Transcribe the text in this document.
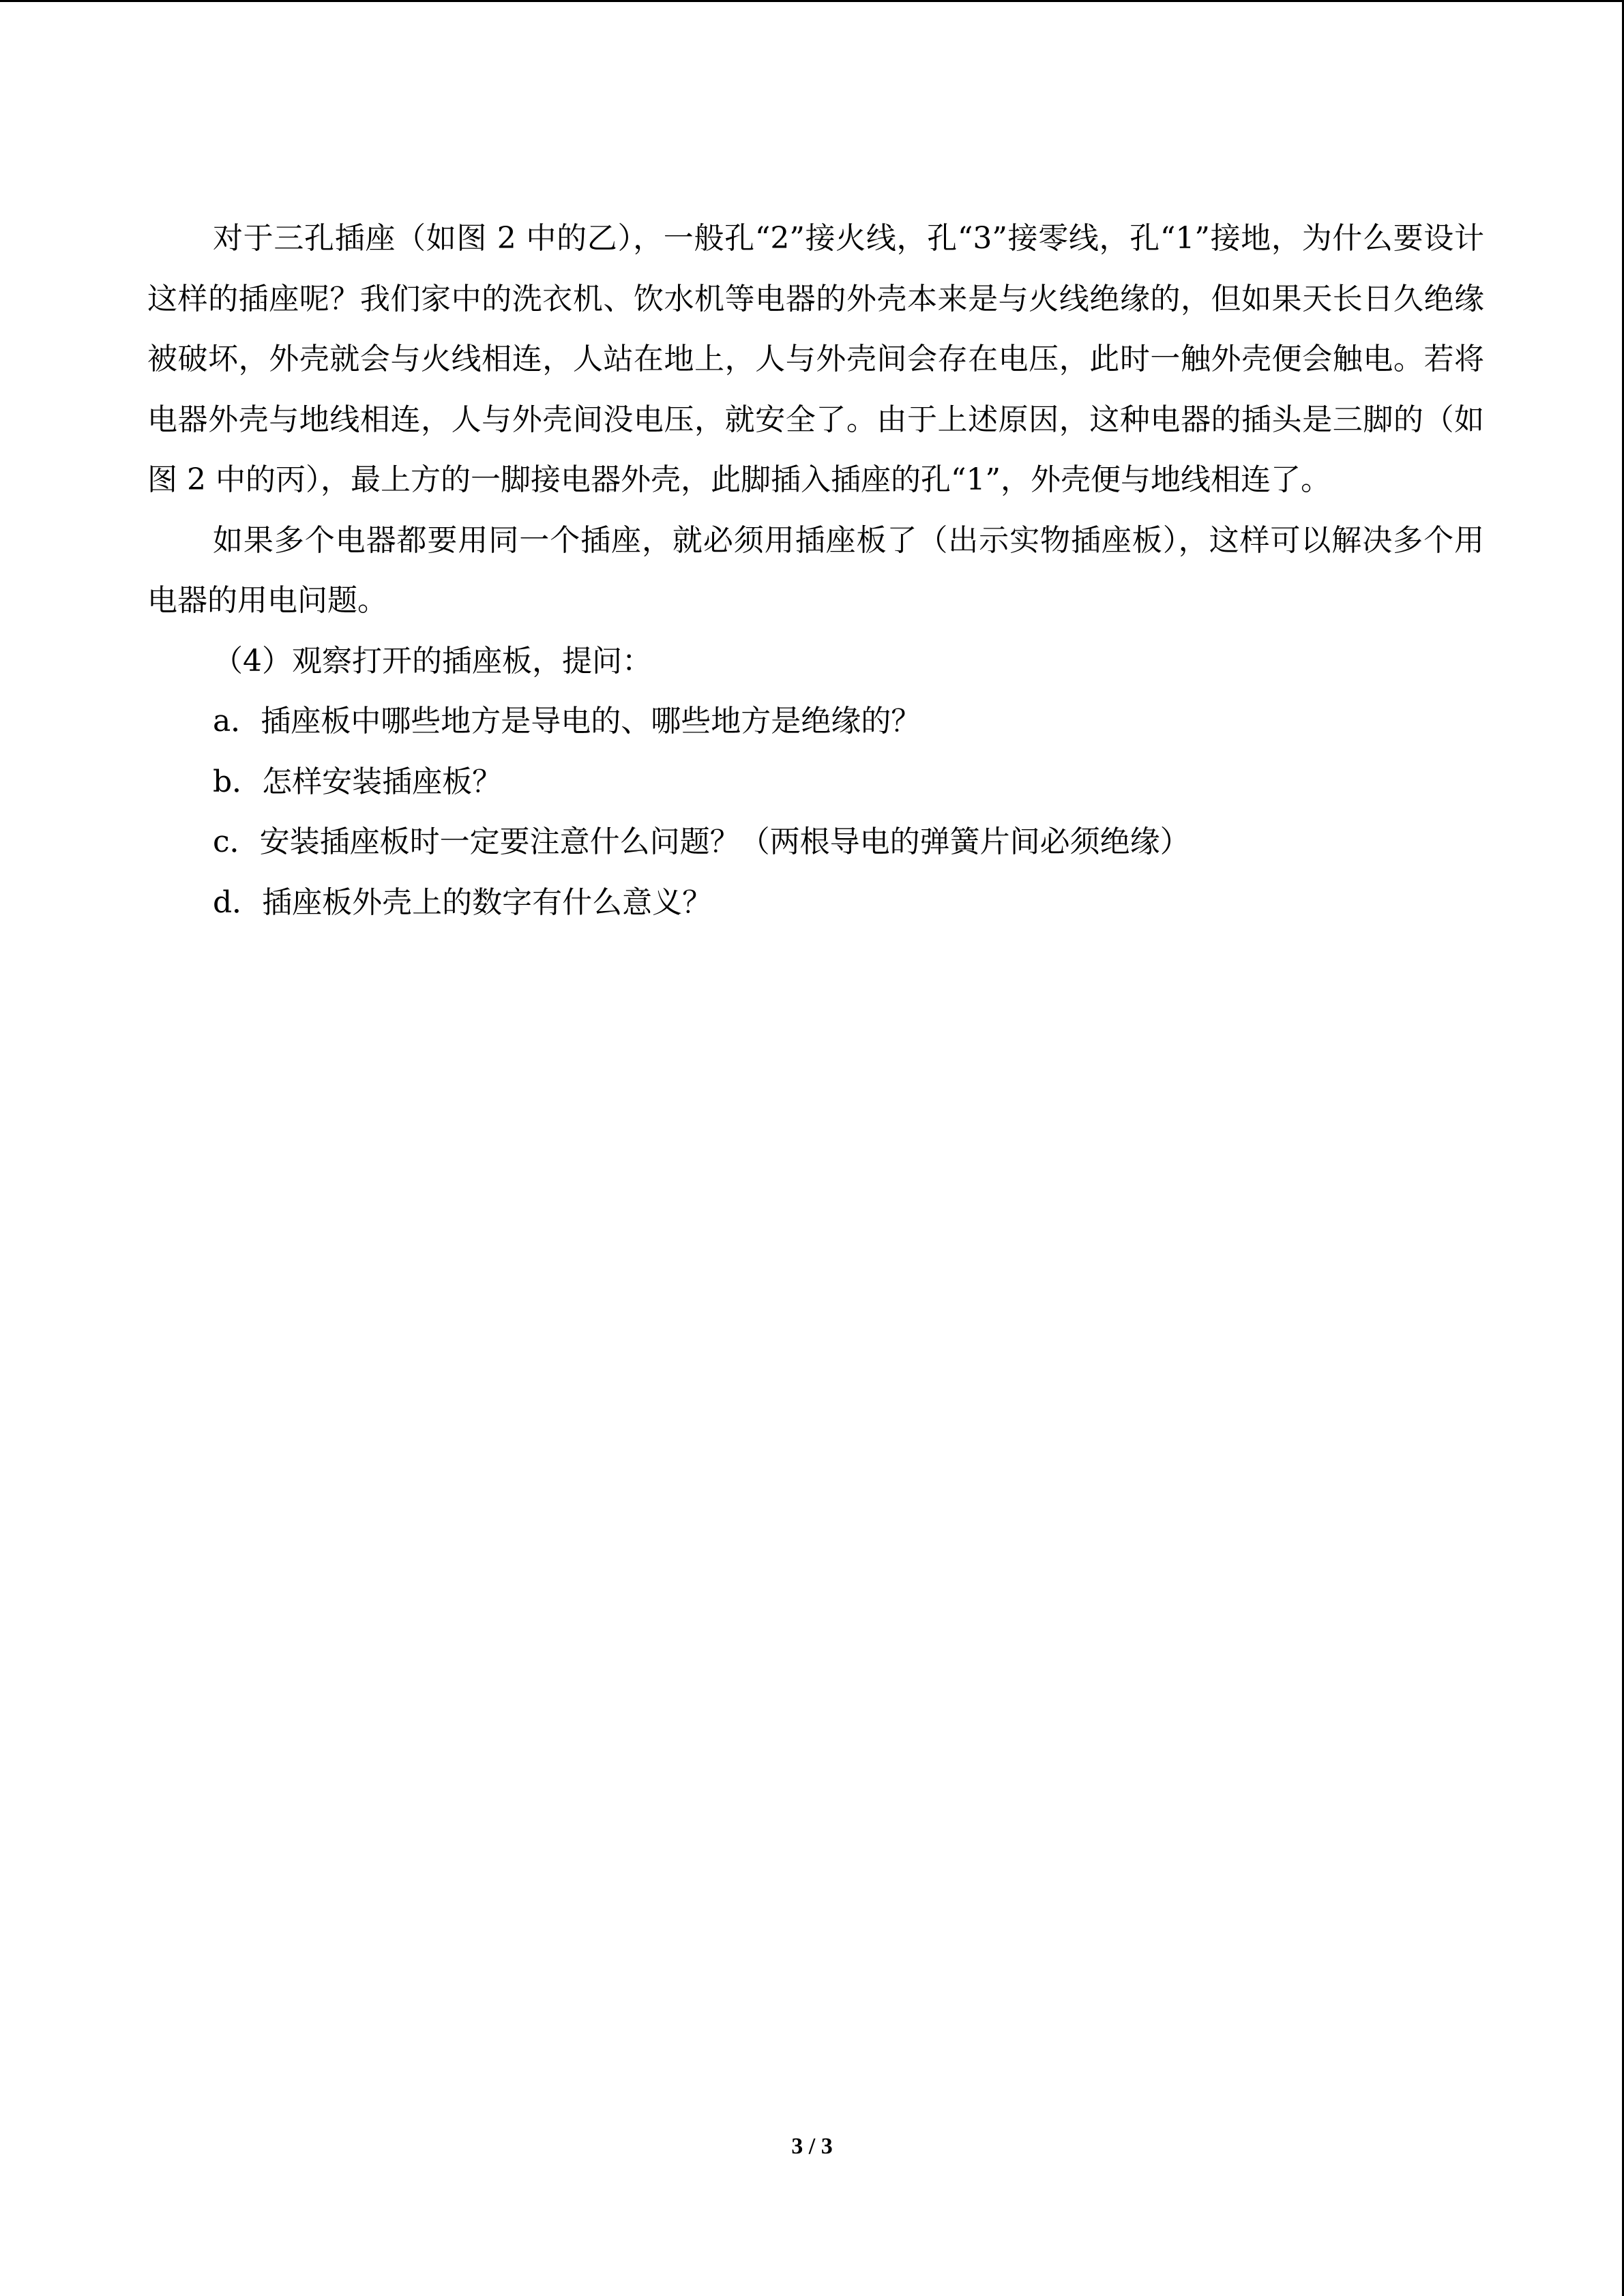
对于三孔插座（如图 2 中的乙），一般孔“2”接火线，孔“3”接零线，孔“1”接地，为什么要设计这样的插座呢？我们家中的洗衣机、饮水机等电器的外壳本来是与火线绝缘的，但如果天长日久绝缘被破坏，外壳就会与火线相连，人站在地上，人与外壳间会存在电压，此时一触外壳便会触电。若将电器外壳与地线相连，人与外壳间没电压，就安全了。由于上述原因，这种电器的插头是三脚的（如图 2 中的丙），最上方的一脚接电器外壳，此脚插入插座的孔“1”，外壳便与地线相连了。

如果多个电器都要用同一个插座，就必须用插座板了（出示实物插座板），这样可以解决多个用电器的用电问题。

（4）观察打开的插座板，提问：

a．插座板中哪些地方是导电的、哪些地方是绝缘的？

b．怎样安装插座板？

c．安装插座板时一定要注意什么问题？（两根导电的弹簧片间必须绝缘）

d．插座板外壳上的数字有什么意义？

3 / 3
